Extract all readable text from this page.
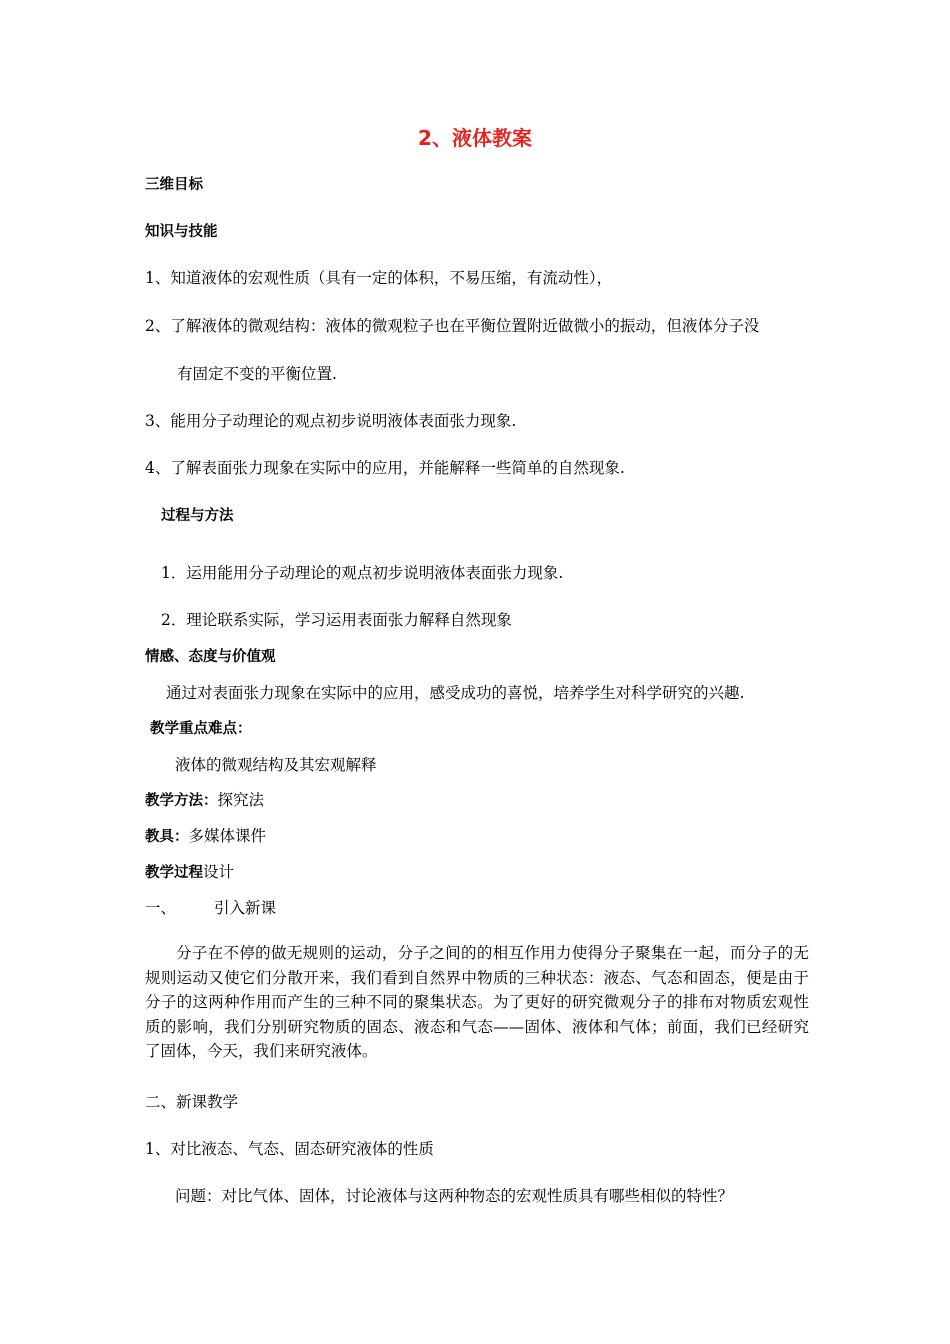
2、液体教案
三维目标
知识与技能
1、知道液体的宏观性质（具有一定的体积，不易压缩，有流动性），
2、了解液体的微观结构：液体的微观粒子也在平衡位置附近做微小的振动，但液体分子没
有固定不变的平衡位置.
3、能用分子动理论的观点初步说明液体表面张力现象.
4、了解表面张力现象在实际中的应用，并能解释一些简单的自然现象.
过程与方法
1．运用能用分子动理论的观点初步说明液体表面张力现象.
2．理论联系实际，学习运用表面张力解释自然现象
情感、态度与价值观
通过对表面张力现象在实际中的应用，感受成功的喜悦，培养学生对科学研究的兴趣.
教学重点难点：
液体的微观结构及其宏观解释
教学方法：探究法
教具：多媒体课件
教学过程设计
一、 引入新课
分子在不停的做无规则的运动，分子之间的的相互作用力使得分子聚集在一起，而分子的无规则运动又使它们分散开来，我们看到自然界中物质的三种状态：液态、气态和固态，便是由于分子的这两种作用而产生的三种不同的聚集状态。为了更好的研究微观分子的排布对物质宏观性质的影响，我们分别研究物质的固态、液态和气态——固体、液体和气体；前面，我们已经研究了固体，今天，我们来研究液体。
二、新课教学
1、对比液态、气态、固态研究液体的性质
问题：对比气体、固体，讨论液体与这两种物态的宏观性质具有哪些相似的特性？
